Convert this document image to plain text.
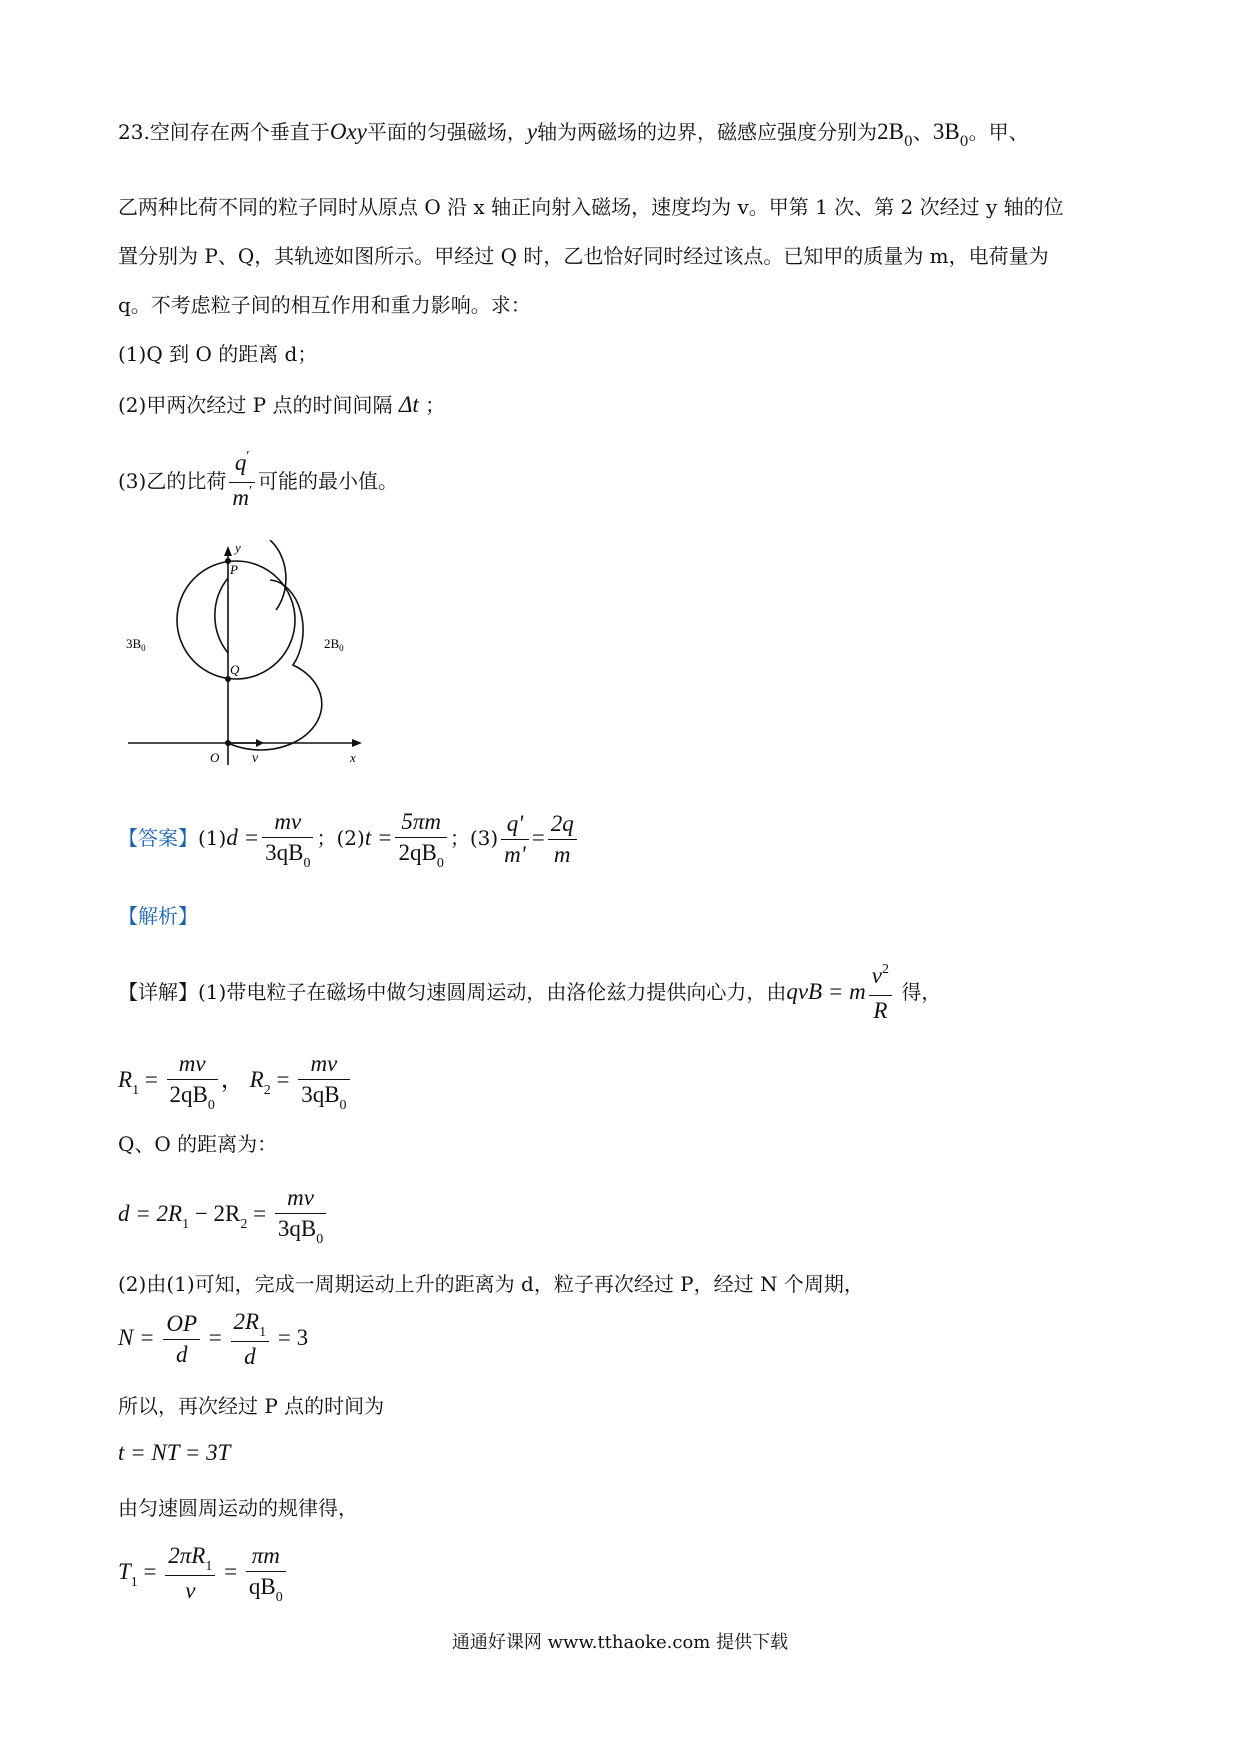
23.空间存在两个垂直于Oxy平面的匀强磁场，y轴为两磁场的边界，磁感应强度分别为$2B_0$、$3B_0$。甲、
乙两种比荷不同的粒子同时从原点 O 沿 x 轴正向射入磁场，速度均为 v。甲第 1 次、第 2 次经过 y 轴的位
置分别为 P、Q，其轨迹如图所示。甲经过 Q 时，乙也恰好同时经过该点。已知甲的质量为 m，电荷量为
q。不考虑粒子间的相互作用和重力影响。求：
(1)Q 到 O 的距离 d；
(2)甲两次经过 P 点的时间间隔 Δt ；
(3)乙的比荷 $\frac{q'}{m'}$ 可能的最小值。
y
x
P
Q
O v
$3B_0$	$2B_0$
【答案】$(1)d = \frac{mv}{3qB_0}$ ；$(2)t = \frac{5\pi m}{2qB_0}$ ；$(3) \frac{q'}{m'} = \frac{2q}{m}$
【解析】
【详解】(1)带电粒子在磁场中做匀速圆周运动，由洛伦兹力提供向心力，由qvB = m $\frac{v^2}{R}$ 得，
$R_1 = \frac{mv}{2qB_0}$ ， $R_2 = \frac{mv}{3qB_0}$
Q、O 的距离为：
$d = 2R_1 - 2R_2 = \frac{mv}{3qB_0}$
(2)由(1)可知，完成一周期运动上升的距离为 d，粒子再次经过 P，经过 N 个周期，
$N = \frac{OP}{d} = \frac{2R_1}{d} = 3$
所以，再次经过 P 点的时间为
t = NT = 3T
由匀速圆周运动的规律得，
$T_1 = \frac{2\pi R_1}{v} = \frac{\pi m}{qB_0}$
通通好课网 www.tthaoke.com 提供下载
